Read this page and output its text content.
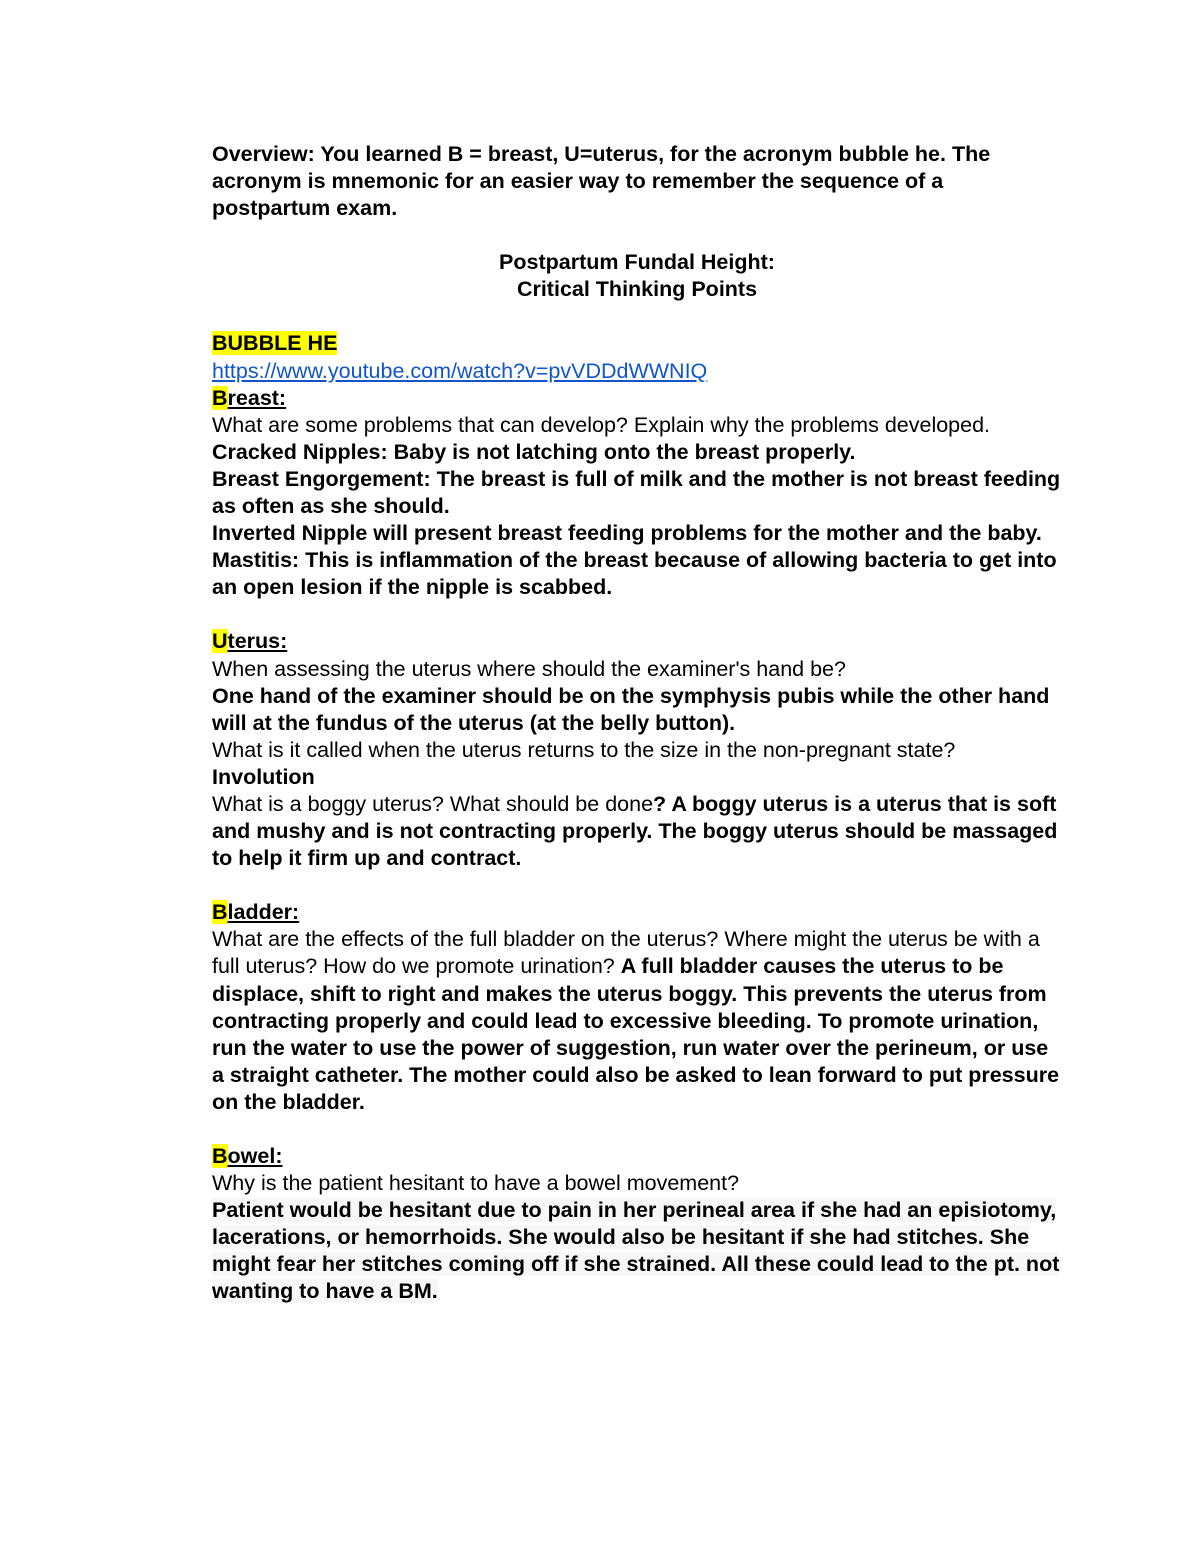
Overview: You learned B = breast, U=uterus, for the acronym bubble he. The acronym is mnemonic for an easier way to remember the sequence of a postpartum exam.

Postpartum Fundal Height:

Critical Thinking Points

BUBBLE HE

https://www.youtube.com/watch?v=pvVDDdWWNIQ

Breast:

What are some problems that can develop? Explain why the problems developed.

Cracked Nipples: Baby is not latching onto the breast properly.

Breast Engorgement: The breast is full of milk and the mother is not breast feeding as often as she should.

Inverted Nipple will present breast feeding problems for the mother and the baby.

Mastitis: This is inflammation of the breast because of allowing bacteria to get into an open lesion if the nipple is scabbed.

Uterus:

When assessing the uterus where should the examiner's hand be?

One hand of the examiner should be on the symphysis pubis while the other hand will at the fundus of the uterus (at the belly button).

What is it called when the uterus returns to the size in the non-pregnant state?

Involution

What is a boggy uterus? What should be done? A boggy uterus is a uterus that is soft and mushy and is not contracting properly. The boggy uterus should be massaged to help it firm up and contract.

Bladder:

What are the effects of the full bladder on the uterus? Where might the uterus be with a full uterus? How do we promote urination? A full bladder causes the uterus to be displace, shift to right and makes the uterus boggy. This prevents the uterus from contracting properly and could lead to excessive bleeding. To promote urination, run the water to use the power of suggestion, run water over the perineum, or use a straight catheter. The mother could also be asked to lean forward to put pressure on the bladder.

Bowel:

Why is the patient hesitant to have a bowel movement?

Patient would be hesitant due to pain in her perineal area if she had an episiotomy, lacerations, or hemorrhoids. She would also be hesitant if she had stitches. She might fear her stitches coming off if she strained. All these could lead to the pt. not wanting to have a BM.
